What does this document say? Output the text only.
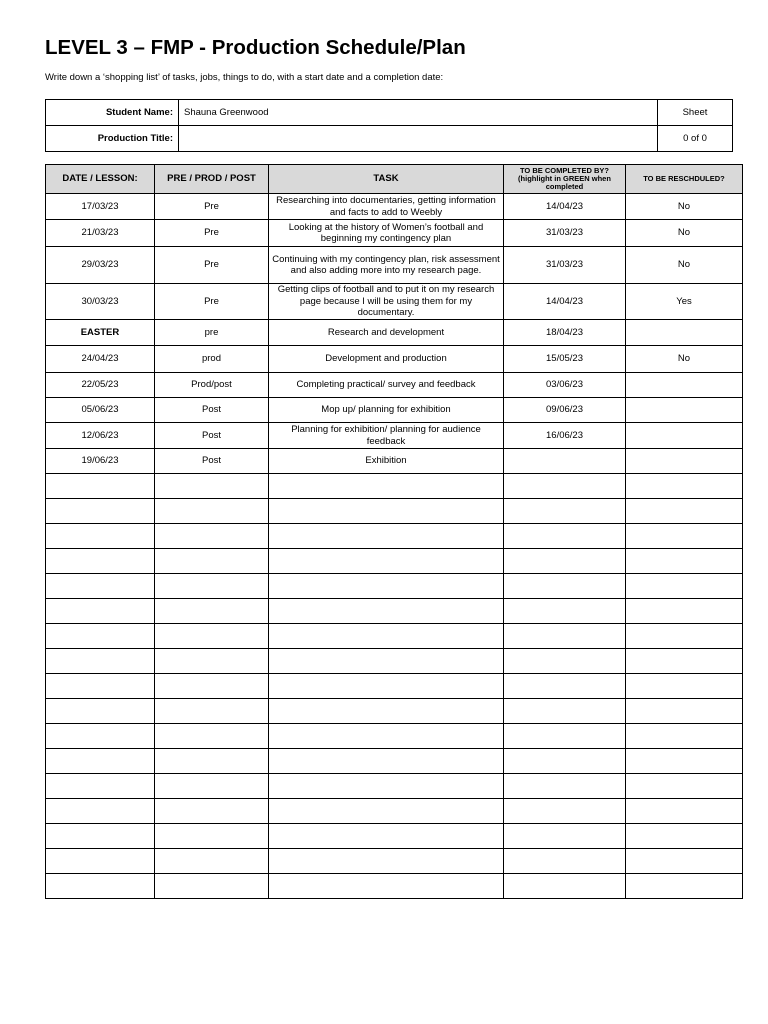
LEVEL 3 – FMP - Production Schedule/Plan

Write down a ‘shopping list’ of tasks, jobs, things to do, with a start date and a completion date:

Student Name:	Shauna Greenwood	Sheet
Production Title:		0 of 0
DATE / LESSON:	PRE / PROD / POST	TASK	TO BE COMPLETED BY? (highlight in GREEN when completed	TO BE RESCHDULED?
17/03/23	Pre	Researching into documentaries, getting information and facts to add to Weebly	14/04/23	No
21/03/23	Pre	Looking at the history of Women’s football and beginning my contingency plan	31/03/23	No
29/03/23	Pre	Continuing with my contingency plan, risk assessment and also adding more into my research page.	31/03/23	No
30/03/23	Pre	Getting clips of football and to put it on my research page because I will be using them for my documentary.	14/04/23	Yes
EASTER	pre	Research and development	18/04/23	
24/04/23	prod	Development and production	15/05/23	No
22/05/23	Prod/post	Completing practical/ survey and feedback	03/06/23	
05/06/23	Post	Mop up/ planning for exhibition	09/06/23	
12/06/23	Post	Planning for exhibition/ planning for audience feedback	16/06/23	
19/06/23	Post	Exhibition		
